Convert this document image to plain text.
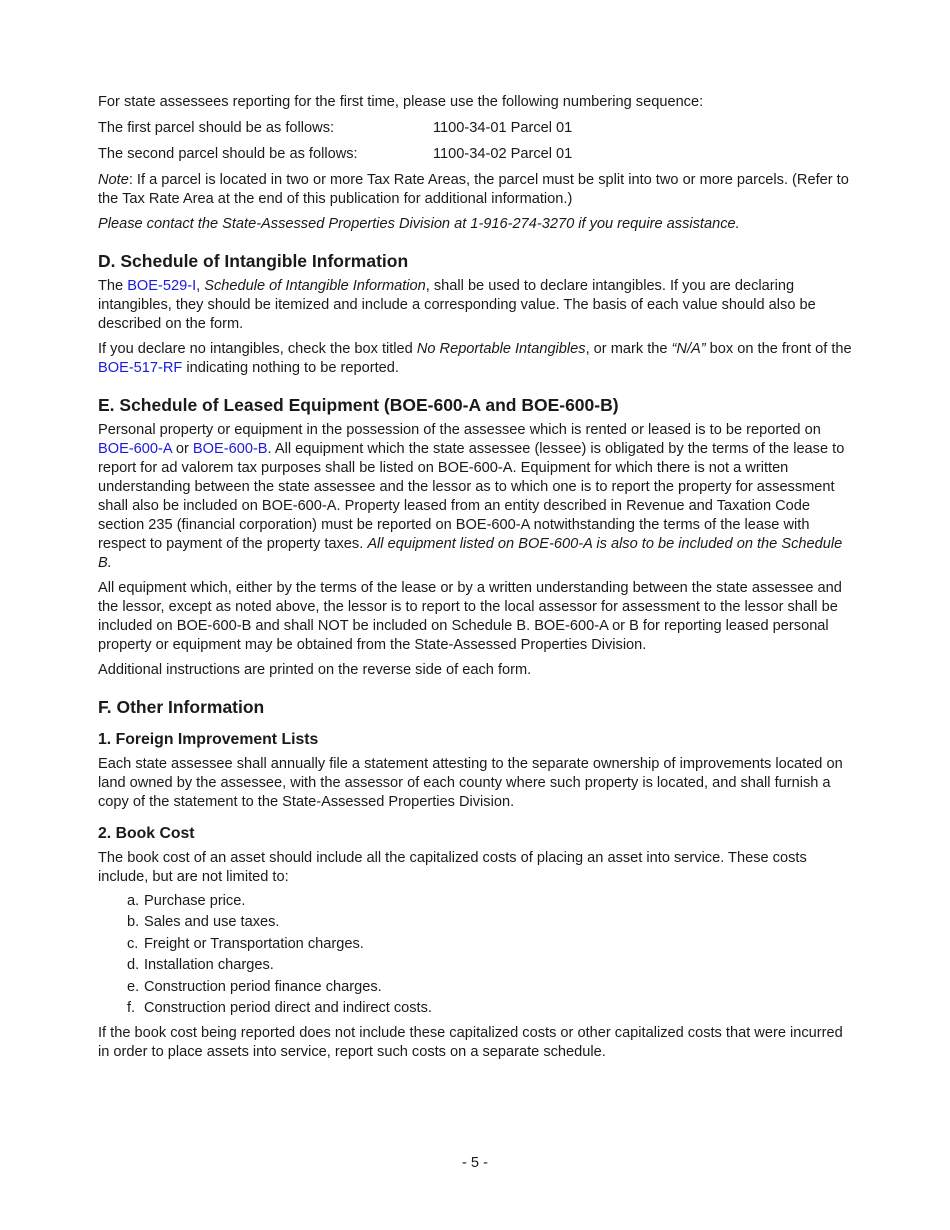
For state assessees reporting for the first time, please use the following numbering sequence:

The first parcel should be as follows:	1100-34-01 Parcel 01
The second parcel should be as follows:	1100-34-02 Parcel 01

Note: If a parcel is located in two or more Tax Rate Areas, the parcel must be split into two or more parcels. (Refer to the Tax Rate Area at the end of this publication for additional information.)

Please contact the State-Assessed Properties Division at 1-916-274-3270 if you require assistance.

D. Schedule of Intangible Information

The BOE-529-I, Schedule of Intangible Information, shall be used to declare intangibles. If you are declaring intangibles, they should be itemized and include a corresponding value. The basis of each value should also be described on the form.

If you declare no intangibles, check the box titled No Reportable Intangibles, or mark the “N/A” box on the front of the BOE-517-RF indicating nothing to be reported.

E. Schedule of Leased Equipment (BOE-600-A and BOE-600-B)

Personal property or equipment in the possession of the assessee which is rented or leased is to be reported on BOE-600-A or BOE-600-B. All equipment which the state assessee (lessee) is obligated by the terms of the lease to report for ad valorem tax purposes shall be listed on BOE-600-A. Equipment for which there is not a written understanding between the state assessee and the lessor as to which one is to report the property for assessment shall also be included on BOE-600-A. Property leased from an entity described in Revenue and Taxation Code section 235 (financial corporation) must be reported on BOE-600-A notwithstanding the terms of the lease with respect to payment of the property taxes. All equipment listed on BOE-600-A is also to be included on the Schedule B.

All equipment which, either by the terms of the lease or by a written understanding between the state assessee and the lessor, except as noted above, the lessor is to report to the local assessor for assessment to the lessor shall be included on BOE-600-B and shall NOT be included on Schedule B. BOE-600-A or B for reporting leased personal property or equipment may be obtained from the State-Assessed Properties Division.

Additional instructions are printed on the reverse side of each form.

F. Other Information
1. Foreign Improvement Lists

Each state assessee shall annually file a statement attesting to the separate ownership of improvements located on land owned by the assessee, with the assessor of each county where such property is located, and shall furnish a copy of the statement to the State-Assessed Properties Division.

2. Book Cost

The book cost of an asset should include all the capitalized costs of placing an asset into service. These costs include, but are not limited to:

a. Purchase price.
b. Sales and use taxes.
c. Freight or Transportation charges.
d. Installation charges.
e. Construction period finance charges.
f. Construction period direct and indirect costs.

If the book cost being reported does not include these capitalized costs or other capitalized costs that were incurred in order to place assets into service, report such costs on a separate schedule.

- 5 -
